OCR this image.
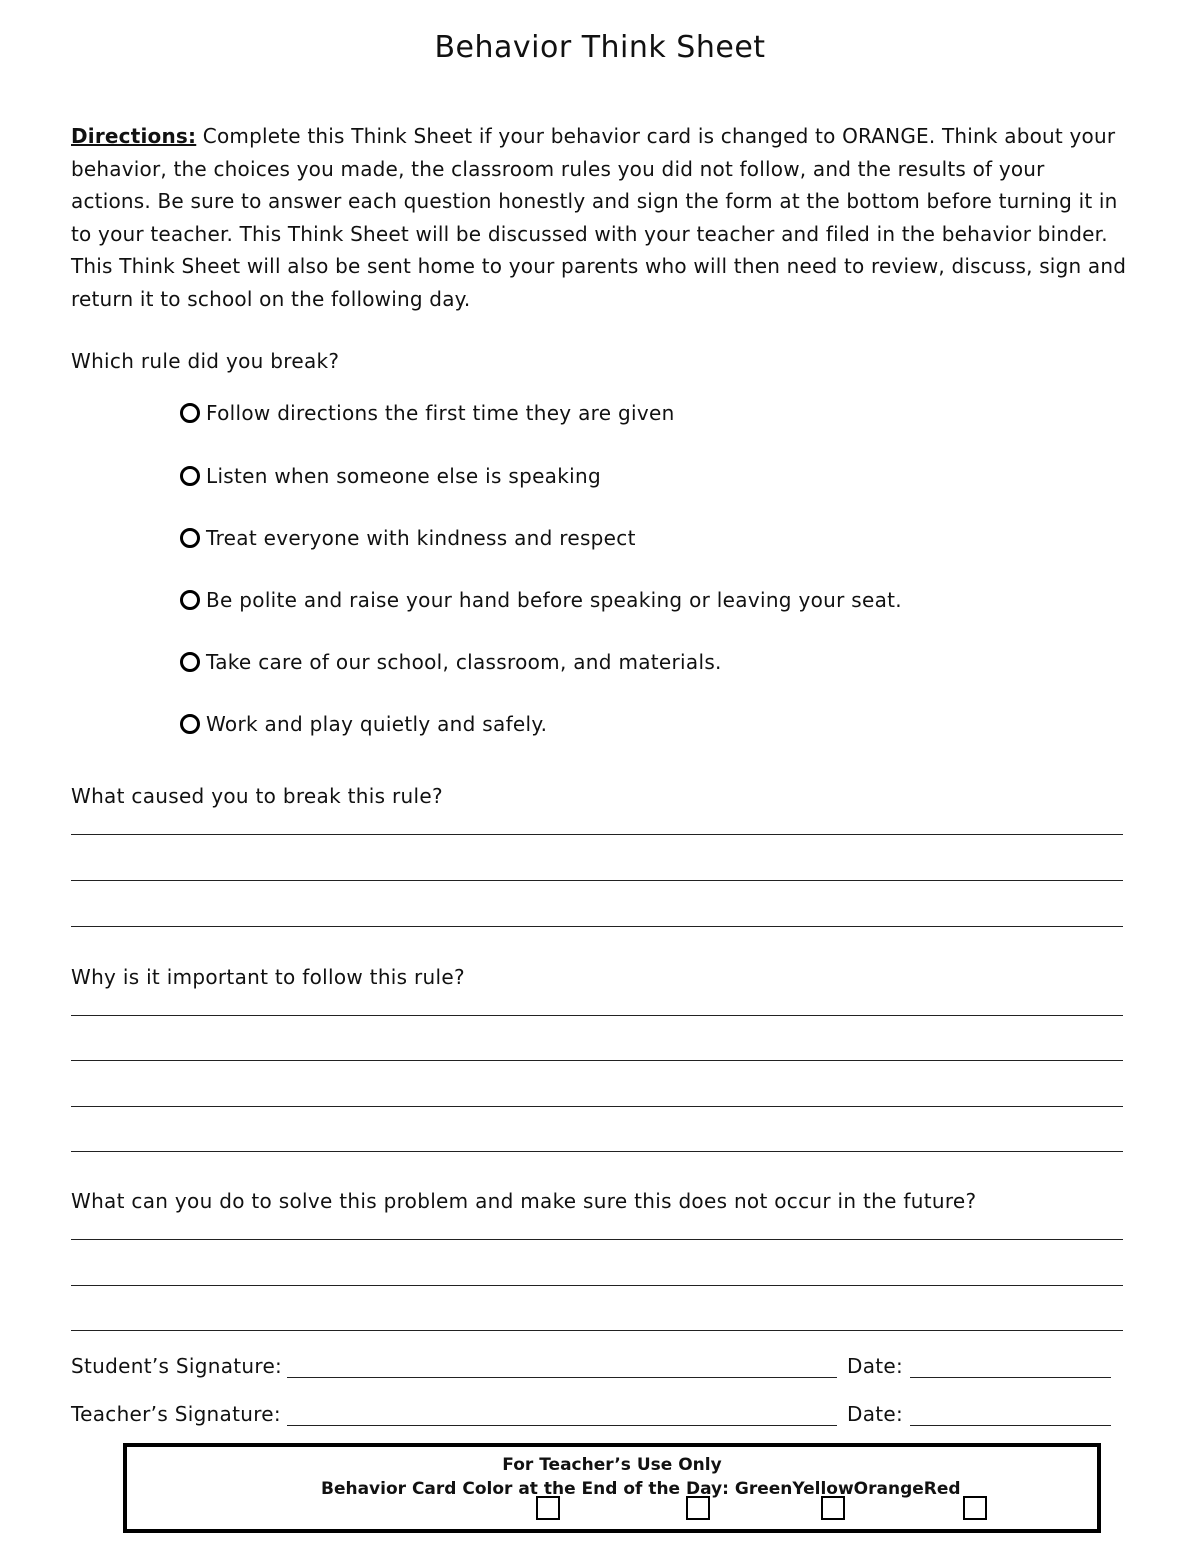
Behavior Think Sheet
Directions: Complete this Think Sheet if your behavior card is changed to ORANGE. Think about your behavior, the choices you made, the classroom rules you did not follow, and the results of your actions. Be sure to answer each question honestly and sign the form at the bottom before turning it in to your teacher. This Think Sheet will be discussed with your teacher and filed in the behavior binder. This Think Sheet will also be sent home to your parents who will then need to review, discuss, sign and return it to school on the following day.
Which rule did you break?
Follow directions the first time they are given
Listen when someone else is speaking
Treat everyone with kindness and respect
Be polite and raise your hand before speaking or leaving your seat.
Take care of our school, classroom, and materials.
Work and play quietly and safely.
What caused you to break this rule?
Why is it important to follow this rule?
What can you do to solve this problem and make sure this does not occur in the future?
Student’s Signature:	Date:
Teacher’s Signature:	Date:
For Teacher’s Use Only
Behavior Card Color at the End of the Day: GreenYellowOrangeRed
